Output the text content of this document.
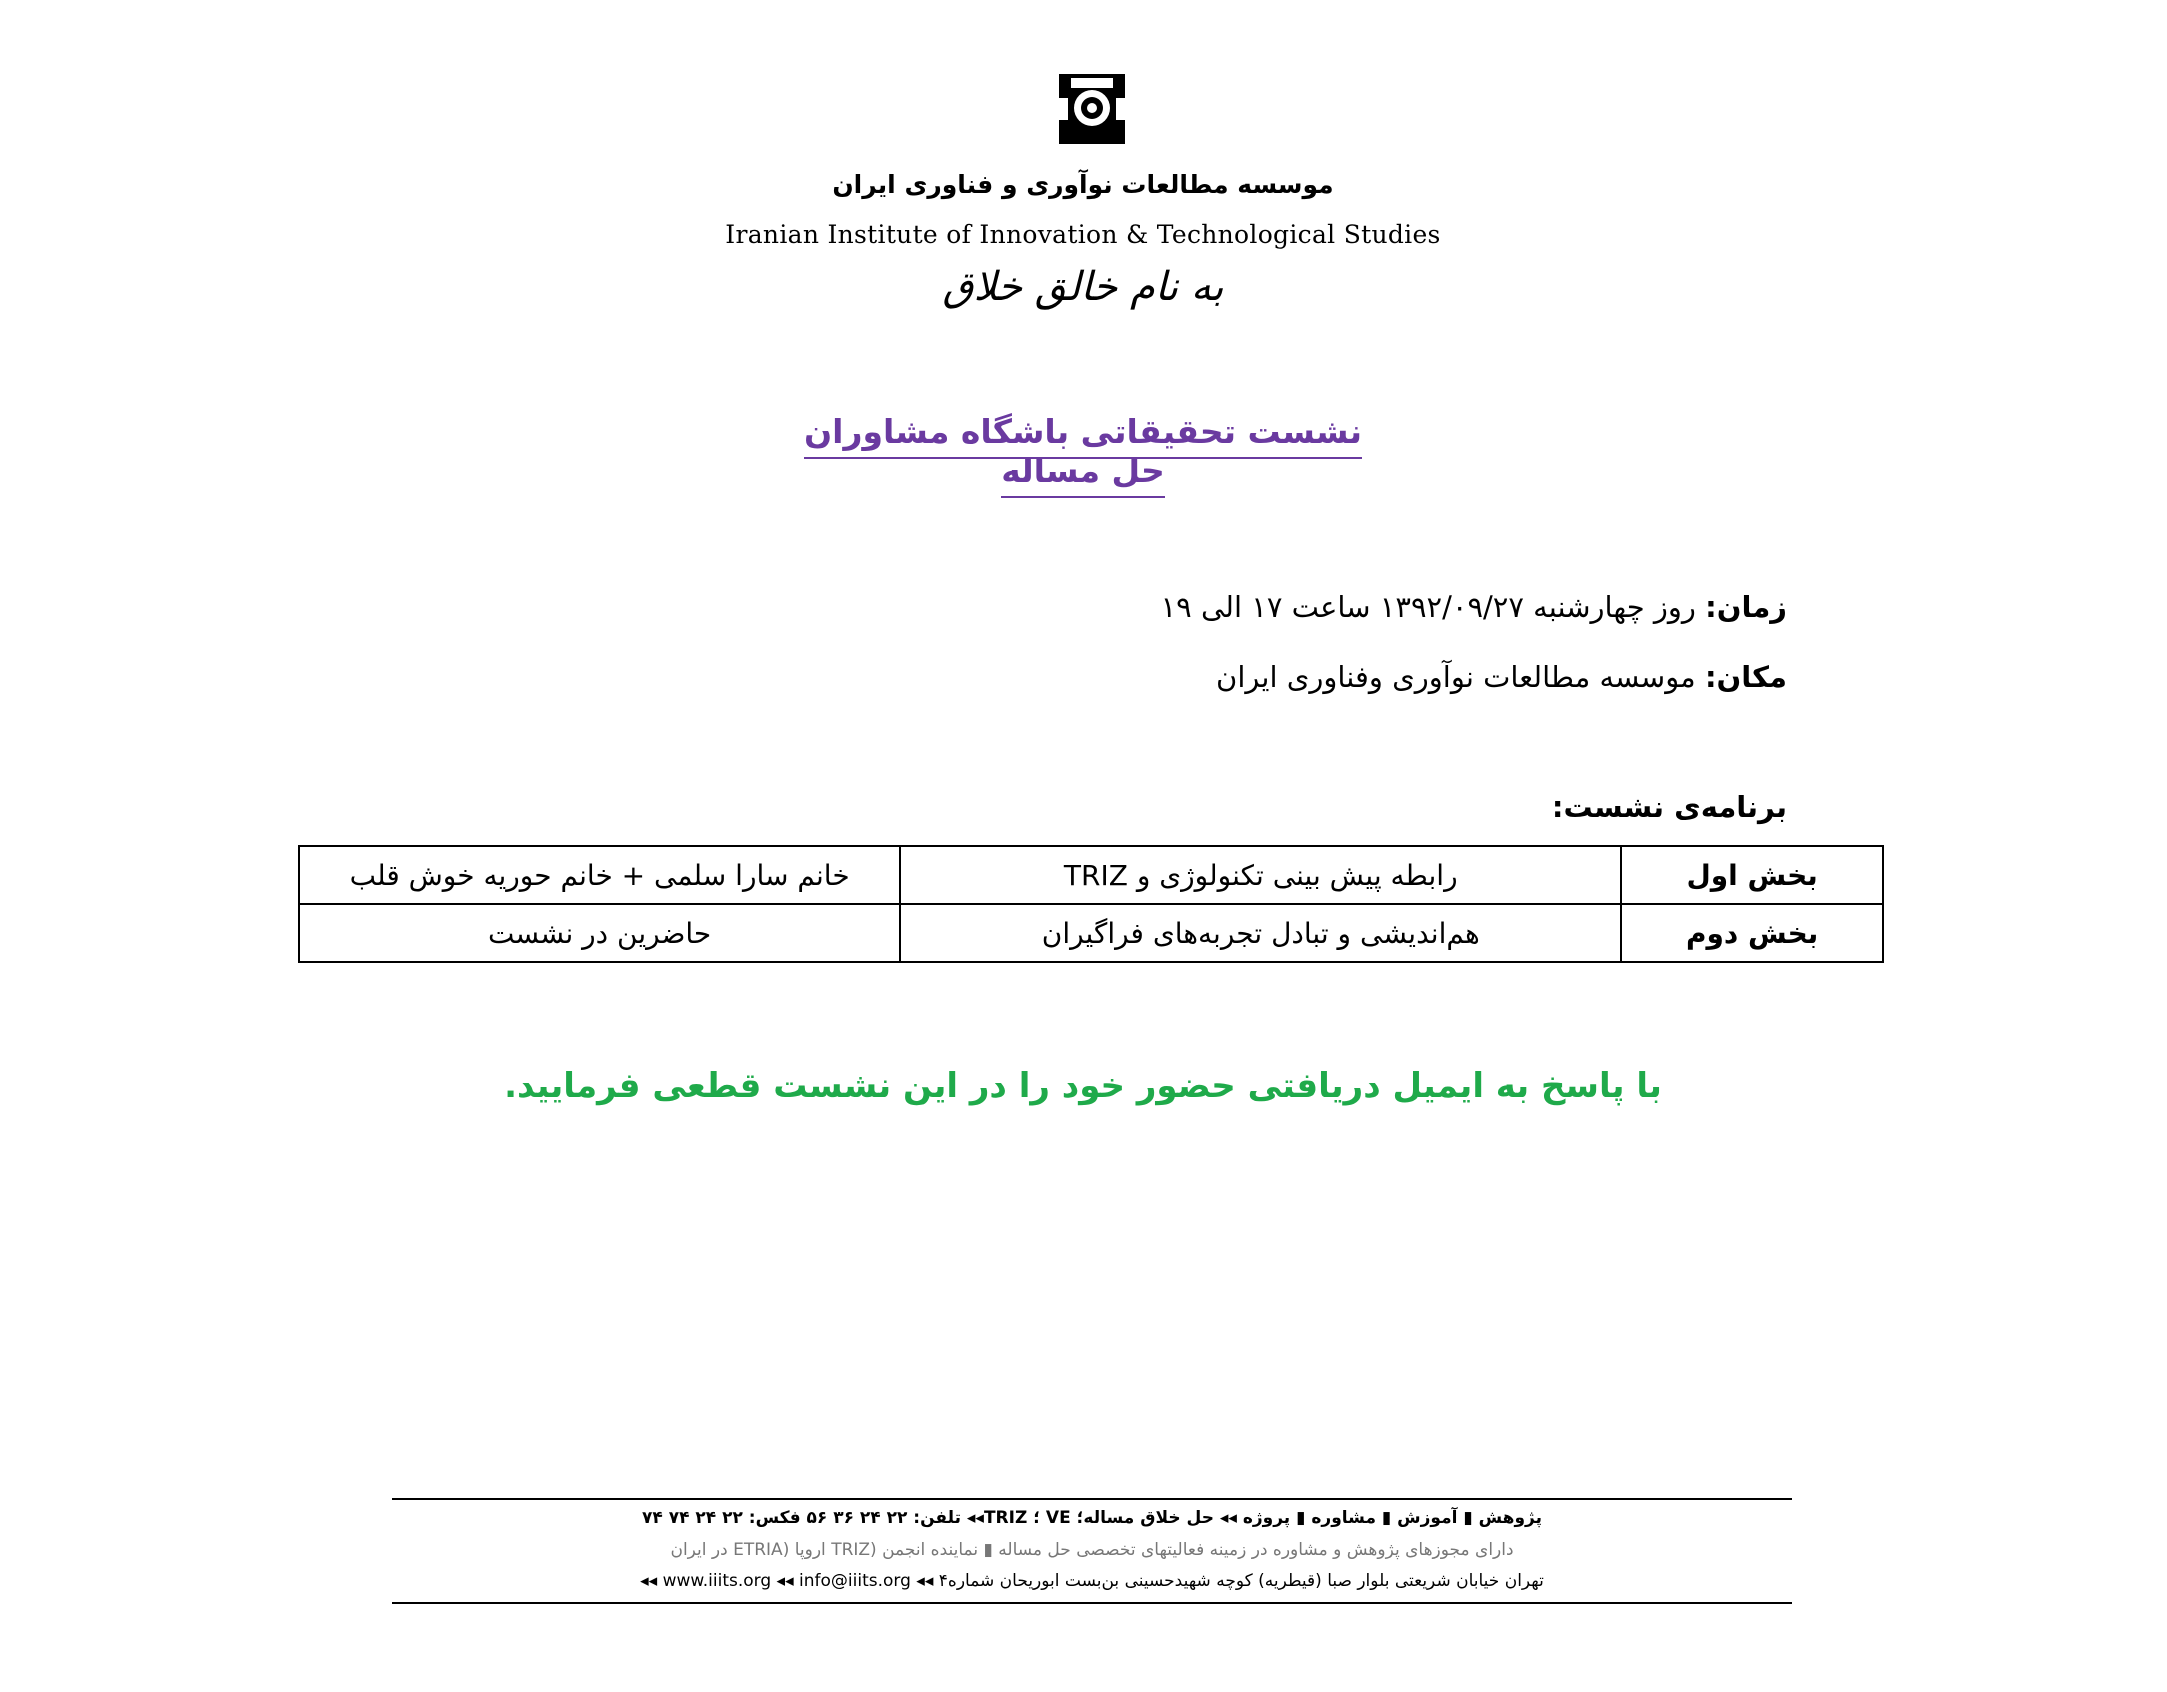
موسسه مطالعات نوآوری و فناوری ایران
Iranian Institute of Innovation & Technological Studies
به نام خالق خلاق
نشست تحقیقاتی باشگاه مشاوران حل مساله
زمان: روز چهارشنبه ۱۳۹۲/۰۹/۲۷ ساعت ۱۷ الی ۱۹
مکان: موسسه مطالعات نوآوری وفناوری ایران
برنامه‌ی نشست:
بخش اول	رابطه پیش بینی تکنولوژی و TRIZ	خانم سارا سلمی + خانم حوریه خوش قلب
بخش دوم	هم‌اندیشی و تبادل تجربه‌های فراگیران	حاضرین در نشست
با پاسخ به ایمیل دریافتی حضور خود را در این نشست قطعی فرمایید.
پژوهش ▮ آموزش ▮ مشاوره ▮ پروژه ◂◂ حل خلاق مساله؛ VE ؛ TRIZ◂◂ تلفن: ۲۲ ۲۴ ۳۶ ۵۶ فکس: ۲۲ ۲۴ ۷۴ ۷۴
دارای مجوزهای پژوهش و مشاوره در زمینه فعالیتهای تخصصی حل مساله ▮ نماینده انجمن (TRIZ اروپا (ETRIA در ایران
تهران خیابان شریعتی بلوار صبا (قیطریه) کوچه شهیدحسینی بن‌بست ابوریحان شماره۴ ◂◂ www.iiits.org ◂◂ info@iiits.org ◂◂
